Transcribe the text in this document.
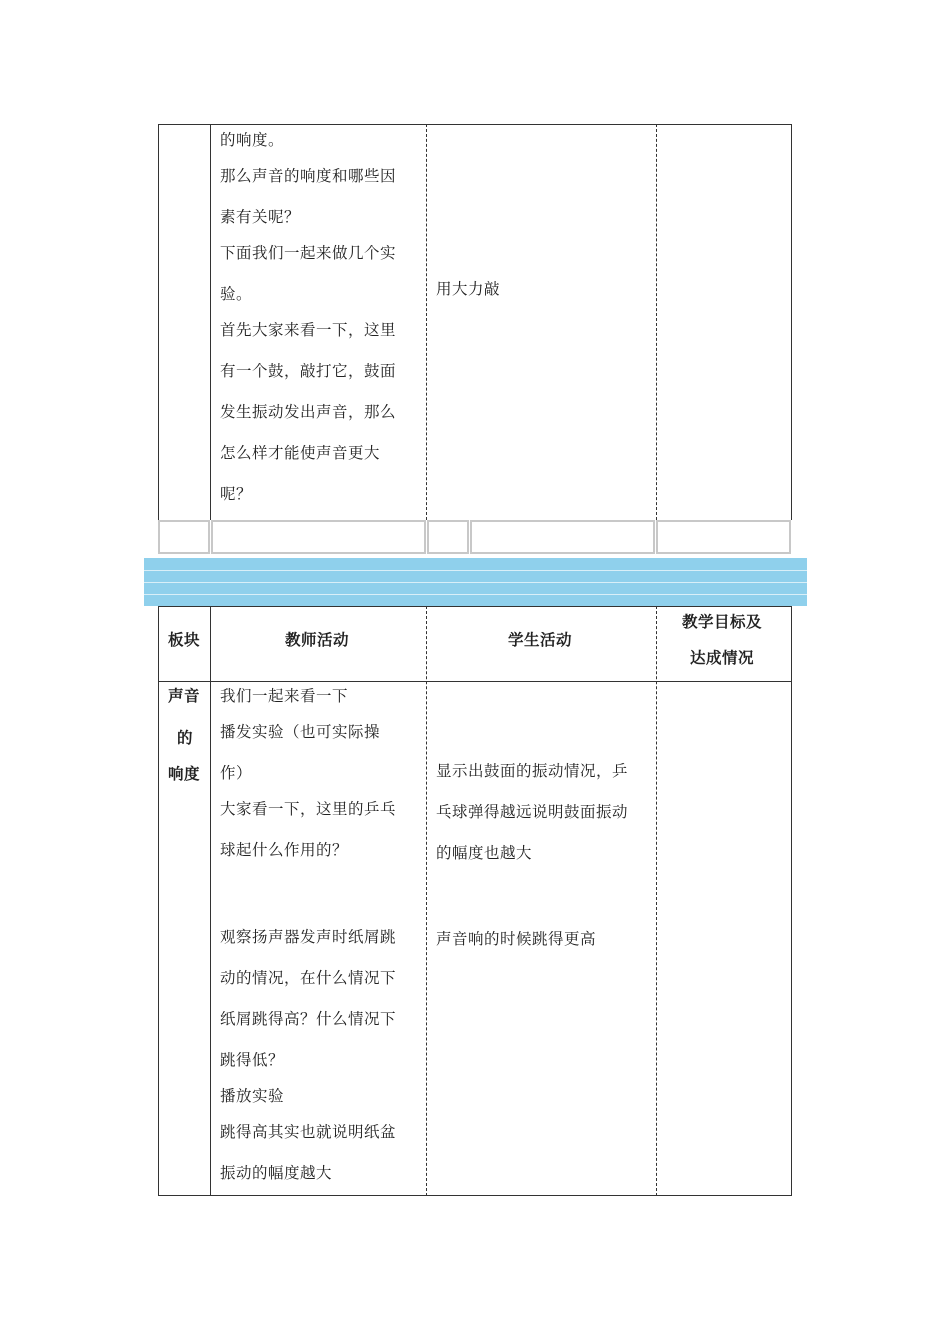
的响度。
那么声音的响度和哪些因
素有关呢？
下面我们一起来做几个实
验。
首先大家来看一下，这里
有一个鼓，敲打它，鼓面
发生振动发出声音，那么
怎么样才能使声音更大
呢？
用大力敲
板块	教师活动	学生活动
教学目标及
达成情况
声音
的
响度
我们一起来看一下
播发实验（也可实际操
作）
大家看一下，这里的乒乓
球起什么作用的？
观察扬声器发声时纸屑跳
动的情况，在什么情况下
纸屑跳得高？什么情况下
跳得低？
播放实验
跳得高其实也就说明纸盆
振动的幅度越大
显示出鼓面的振动情况，乒
乓球弹得越远说明鼓面振动
的幅度也越大
声音响的时候跳得更高
